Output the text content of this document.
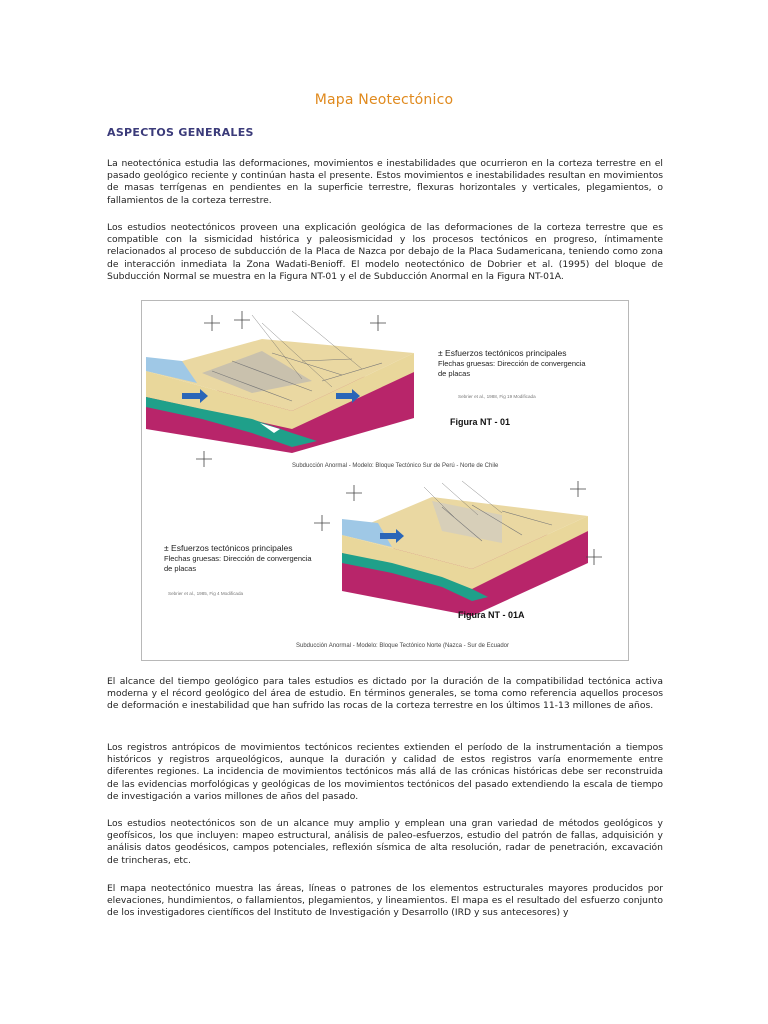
Mapa Neotectónico
ASPECTOS GENERALES
La neotectónica estudia las deformaciones, movimientos e inestabilidades que ocurrieron en la corteza terrestre en el pasado geológico reciente y continúan hasta el presente. Estos movimientos e inestabilidades resultan en movimientos de masas terrígenas en pendientes en la superficie terrestre, flexuras horizontales y verticales, plegamientos, o fallamientos de la corteza terrestre.
Los estudios neotectónicos proveen una explicación geológica de las deformaciones de la corteza terrestre que es compatible con la sismicidad histórica y paleosismicidad y los procesos tectónicos en progreso, íntimamente relacionados al proceso de subducción de la Placa de Nazca por debajo de la Placa Sudamericana, teniendo como zona de interacción inmediata la Zona Wadati-Benioff. El modelo neotectónico de Dobrier et al. (1995) del bloque de Subducción Normal se muestra en la Figura NT-01 y el de Subducción Anormal en la Figura NT-01A.
± Esfuerzos tectónicos principales
Flechas gruesas: Dirección de convergencia
de placas
Sebrier et al., 1988, Fig 19 Modificada
Figura NT - 01
Subducción Anormal - Modelo: Bloque Tectónico Sur de Perú - Norte de Chile
± Esfuerzos tectónicos principales
Flechas gruesas: Dirección de convergencia
de placas
Sebrier et al., 1985, Fig 4 Modificada
Figura NT - 01A
Subducción Anormal - Modelo: Bloque Tectónico Norte (Nazca - Sur de Ecuador
El alcance del tiempo geológico para tales estudios es dictado por la duración de la compatibilidad tectónica activa moderna y el récord geológico del área de estudio. En términos generales, se toma como referencia aquellos procesos de deformación e inestabilidad que han sufrido las rocas de la corteza terrestre en los últimos 11-13 millones de años.
Los registros antrópicos de movimientos tectónicos recientes extienden el período de la instrumentación a tiempos históricos y registros arqueológicos, aunque la duración y calidad de estos registros varía enormemente entre diferentes regiones. La incidencia de movimientos tectónicos más allá de las crónicas históricas debe ser reconstruida de las evidencias morfológicas y geológicas de los movimientos tectónicos del pasado extendiendo la escala de tiempo de investigación a varios millones de años del pasado.
Los estudios neotectónicos son de un alcance muy amplio y emplean una gran variedad de métodos geológicos y geofísicos, los que incluyen: mapeo estructural, análisis de paleo-esfuerzos, estudio del patrón de fallas, adquisición y análisis datos geodésicos, campos potenciales, reflexión sísmica de alta resolución, radar de penetración, excavación de trincheras, etc.
El mapa neotectónico muestra las áreas, líneas o patrones de los elementos estructurales mayores producidos por elevaciones, hundimientos, o fallamientos, plegamientos, y lineamientos. El mapa es el resultado del esfuerzo conjunto de los investigadores científicos del Instituto de Investigación y Desarrollo (IRD y sus antecesores) y
